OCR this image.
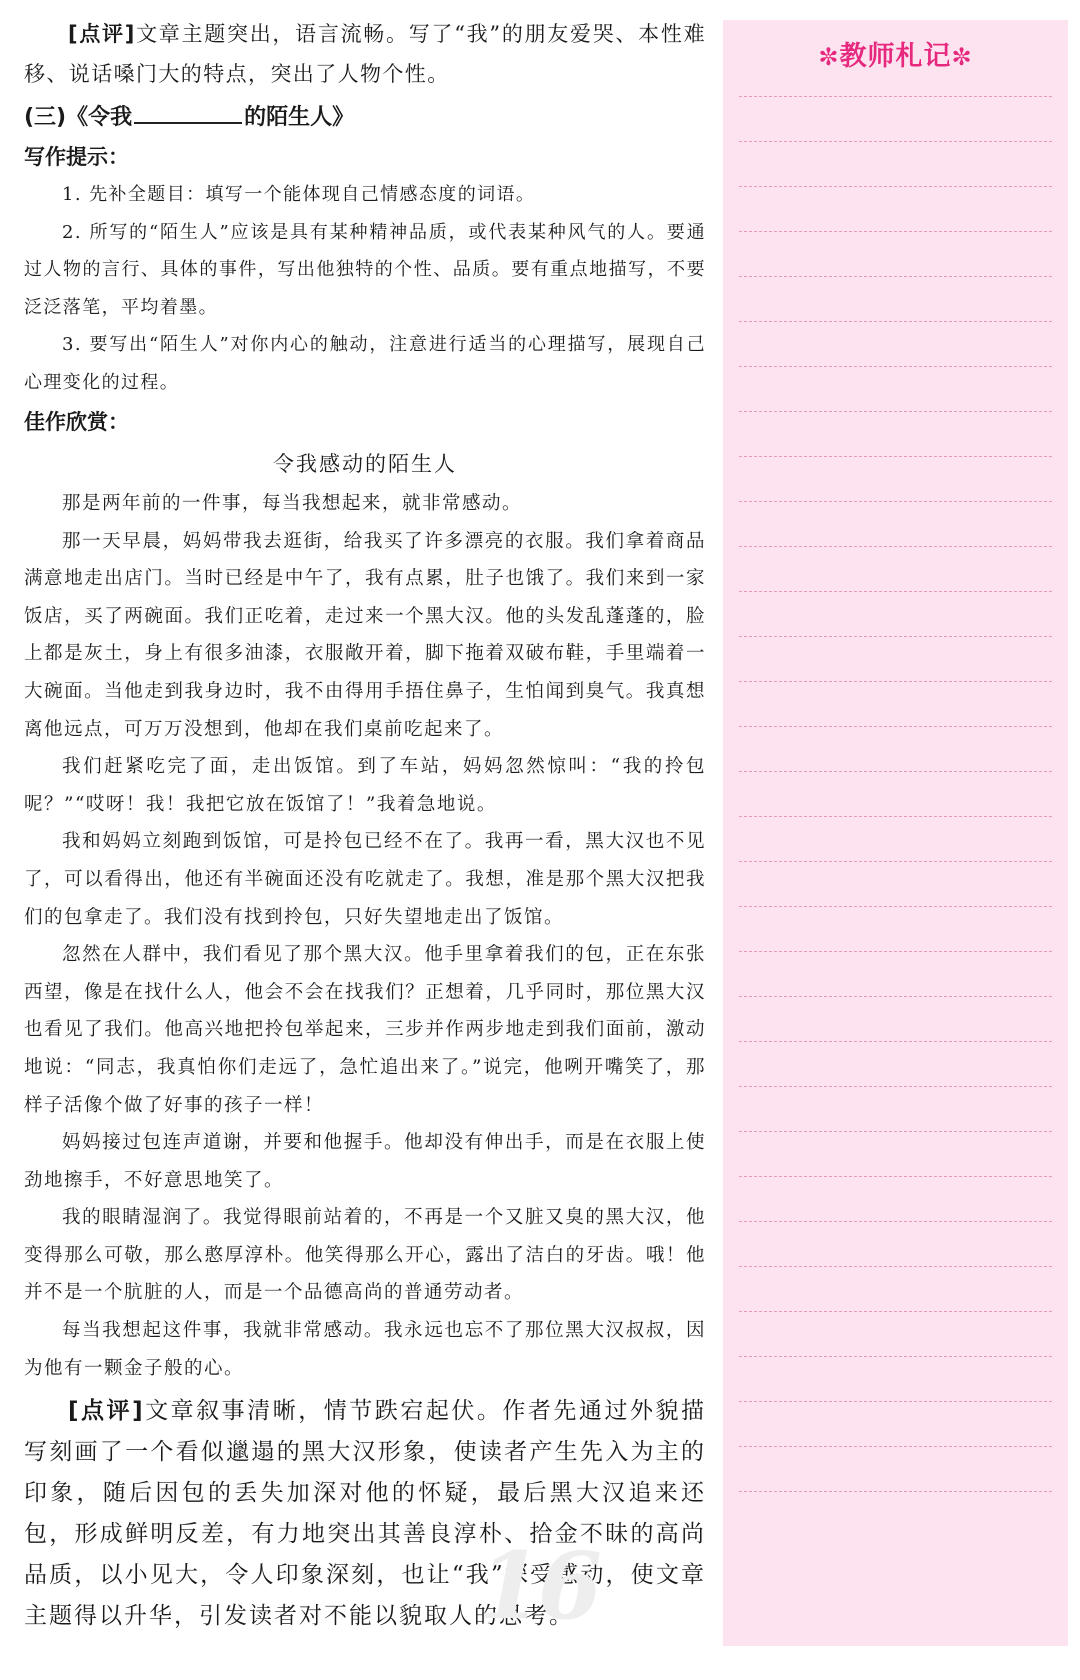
[点评]文章主题突出，语言流畅。写了“我”的朋友爱哭、本性难移、说话嗓门大的特点，突出了人物个性。

(三)《令我	的陌生人》

写作提示：

1. 先补全题目：填写一个能体现自己情感态度的词语。

2. 所写的“陌生人”应该是具有某种精神品质，或代表某种风气的人。要通过人物的言行、具体的事件，写出他独特的个性、品质。要有重点地描写，不要泛泛落笔，平均着墨。

3. 要写出“陌生人”对你内心的触动，注意进行适当的心理描写，展现自己心理变化的过程。

佳作欣赏：

令我感动的陌生人

那是两年前的一件事，每当我想起来，就非常感动。

那一天早晨，妈妈带我去逛街，给我买了许多漂亮的衣服。我们拿着商品满意地走出店门。当时已经是中午了，我有点累，肚子也饿了。我们来到一家饭店，买了两碗面。我们正吃着，走过来一个黑大汉。他的头发乱蓬蓬的，脸上都是灰土，身上有很多油漆，衣服敞开着，脚下拖着双破布鞋，手里端着一大碗面。当他走到我身边时，我不由得用手捂住鼻子，生怕闻到臭气。我真想离他远点，可万万没想到，他却在我们桌前吃起来了。

我们赶紧吃完了面，走出饭馆。到了车站，妈妈忽然惊叫：“我的拎包呢？”“哎呀！我！我把它放在饭馆了！”我着急地说。

我和妈妈立刻跑到饭馆，可是拎包已经不在了。我再一看，黑大汉也不见了，可以看得出，他还有半碗面还没有吃就走了。我想，准是那个黑大汉把我们的包拿走了。我们没有找到拎包，只好失望地走出了饭馆。

忽然在人群中，我们看见了那个黑大汉。他手里拿着我们的包，正在东张西望，像是在找什么人，他会不会在找我们？正想着，几乎同时，那位黑大汉也看见了我们。他高兴地把拎包举起来，三步并作两步地走到我们面前，激动地说：“同志，我真怕你们走远了，急忙追出来了。”说完，他咧开嘴笑了，那样子活像个做了好事的孩子一样！

妈妈接过包连声道谢，并要和他握手。他却没有伸出手，而是在衣服上使劲地擦手，不好意思地笑了。

我的眼睛湿润了。我觉得眼前站着的，不再是一个又脏又臭的黑大汉，他变得那么可敬，那么憨厚淳朴。他笑得那么开心，露出了洁白的牙齿。哦！他并不是一个肮脏的人，而是一个品德高尚的普通劳动者。

每当我想起这件事，我就非常感动。我永远也忘不了那位黑大汉叔叔，因为他有一颗金子般的心。

[点评]文章叙事清晰，情节跌宕起伏。作者先通过外貌描写刻画了一个看似邋遢的黑大汉形象，使读者产生先入为主的印象，随后因包的丢失加深对他的怀疑，最后黑大汉追来还包，形成鲜明反差，有力地突出其善良淳朴、拾金不昧的高尚品质，以小见大，令人印象深刻，也让“我”深受感动，使文章主题得以升华，引发读者对不能以貌取人的思考。

✼教师札记✼
16
